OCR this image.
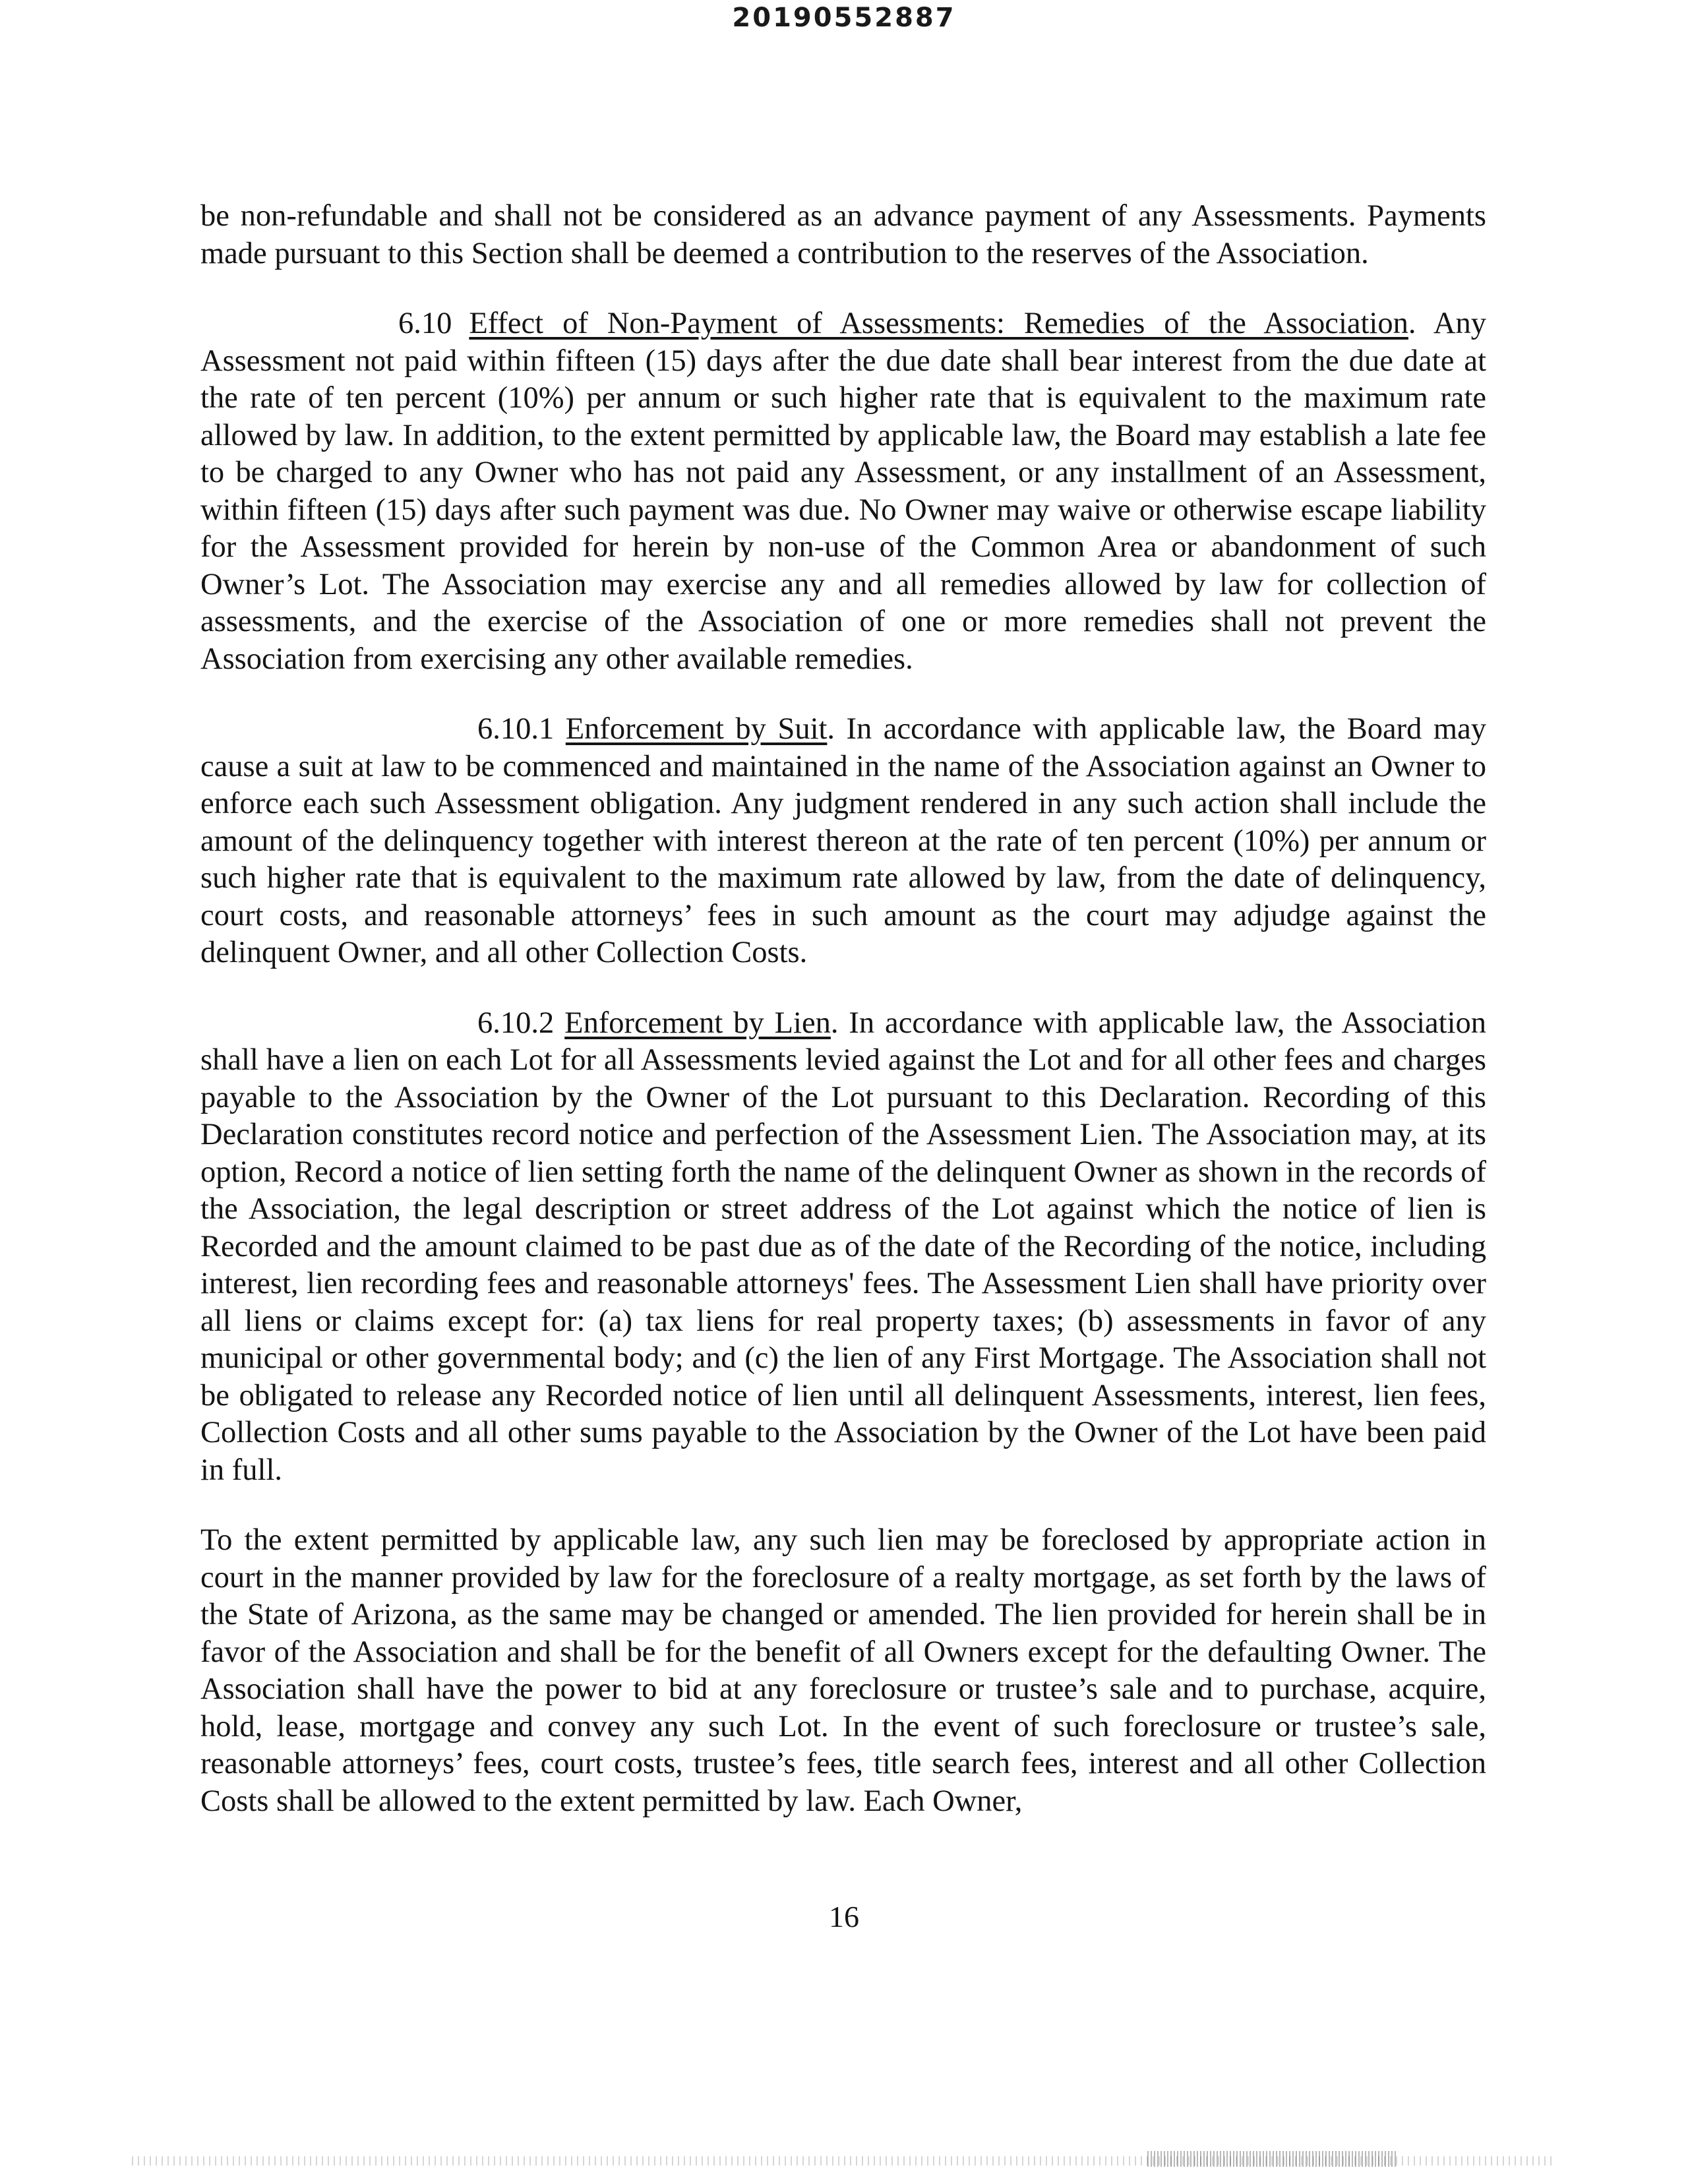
20190552887

be non-refundable and shall not be considered as an advance payment of any Assessments. Payments made pursuant to this Section shall be deemed a contribution to the reserves of the Association.

6.10 Effect of Non-Payment of Assessments: Remedies of the Association. Any Assessment not paid within fifteen (15) days after the due date shall bear interest from the due date at the rate of ten percent (10%) per annum or such higher rate that is equivalent to the maximum rate allowed by law. In addition, to the extent permitted by applicable law, the Board may establish a late fee to be charged to any Owner who has not paid any Assessment, or any installment of an Assessment, within fifteen (15) days after such payment was due. No Owner may waive or otherwise escape liability for the Assessment provided for herein by non-use of the Common Area or abandonment of such Owner’s Lot. The Association may exercise any and all remedies allowed by law for collection of assessments, and the exercise of the Association of one or more remedies shall not prevent the Association from exercising any other available remedies.

6.10.1 Enforcement by Suit. In accordance with applicable law, the Board may cause a suit at law to be commenced and maintained in the name of the Association against an Owner to enforce each such Assessment obligation. Any judgment rendered in any such action shall include the amount of the delinquency together with interest thereon at the rate of ten percent (10%) per annum or such higher rate that is equivalent to the maximum rate allowed by law, from the date of delinquency, court costs, and reasonable attorneys’ fees in such amount as the court may adjudge against the delinquent Owner, and all other Collection Costs.

6.10.2 Enforcement by Lien. In accordance with applicable law, the Association shall have a lien on each Lot for all Assessments levied against the Lot and for all other fees and charges payable to the Association by the Owner of the Lot pursuant to this Declaration. Recording of this Declaration constitutes record notice and perfection of the Assessment Lien. The Association may, at its option, Record a notice of lien setting forth the name of the delinquent Owner as shown in the records of the Association, the legal description or street address of the Lot against which the notice of lien is Recorded and the amount claimed to be past due as of the date of the Recording of the notice, including interest, lien recording fees and reasonable attorneys' fees. The Assessment Lien shall have priority over all liens or claims except for: (a) tax liens for real property taxes; (b) assessments in favor of any municipal or other governmental body; and (c) the lien of any First Mortgage. The Association shall not be obligated to release any Recorded notice of lien until all delinquent Assessments, interest, lien fees, Collection Costs and all other sums payable to the Association by the Owner of the Lot have been paid in full.

To the extent permitted by applicable law, any such lien may be foreclosed by appropriate action in court in the manner provided by law for the foreclosure of a realty mortgage, as set forth by the laws of the State of Arizona, as the same may be changed or amended. The lien provided for herein shall be in favor of the Association and shall be for the benefit of all Owners except for the defaulting Owner. The Association shall have the power to bid at any foreclosure or trustee’s sale and to purchase, acquire, hold, lease, mortgage and convey any such Lot. In the event of such foreclosure or trustee’s sale, reasonable attorneys’ fees, court costs, trustee’s fees, title search fees, interest and all other Collection Costs shall be allowed to the extent permitted by law. Each Owner,

16
